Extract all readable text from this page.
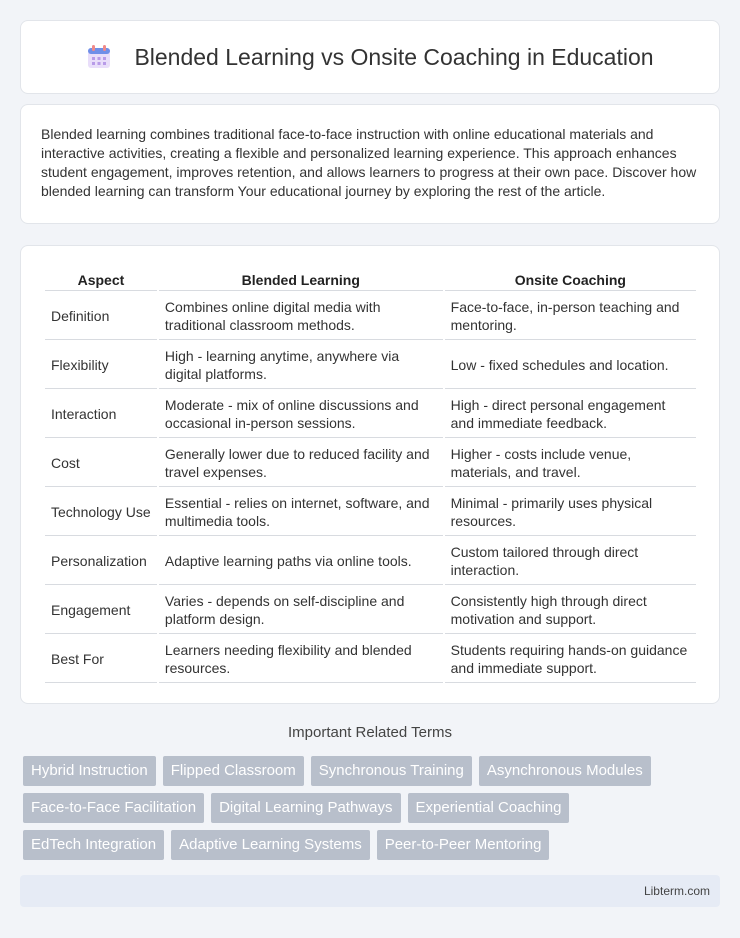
Blended Learning vs Onsite Coaching in Education

Blended learning combines traditional face-to-face instruction with online educational materials and interactive activities, creating a flexible and personalized learning experience. This approach enhances student engagement, improves retention, and allows learners to progress at their own pace. Discover how blended learning can transform Your educational journey by exploring the rest of the article.

Aspect	Blended Learning	Onsite Coaching
Definition	Combines online digital media with traditional classroom methods.	Face-to-face, in-person teaching and mentoring.
Flexibility	High - learning anytime, anywhere via digital platforms.	Low - fixed schedules and location.
Interaction	Moderate - mix of online discussions and occasional in-person sessions.	High - direct personal engagement and immediate feedback.
Cost	Generally lower due to reduced facility and travel expenses.	Higher - costs include venue, materials, and travel.
Technology Use	Essential - relies on internet, software, and multimedia tools.	Minimal - primarily uses physical resources.
Personalization	Adaptive learning paths via online tools.	Custom tailored through direct interaction.
Engagement	Varies - depends on self-discipline and platform design.	Consistently high through direct motivation and support.
Best For	Learners needing flexibility and blended resources.	Students requiring hands-on guidance and immediate support.
Important Related Terms
Hybrid Instruction	Flipped Classroom	Synchronous Training	Asynchronous Modules
Face-to-Face Facilitation	Digital Learning Pathways	Experiential Coaching
EdTech Integration	Adaptive Learning Systems	Peer-to-Peer Mentoring
Libterm.com
